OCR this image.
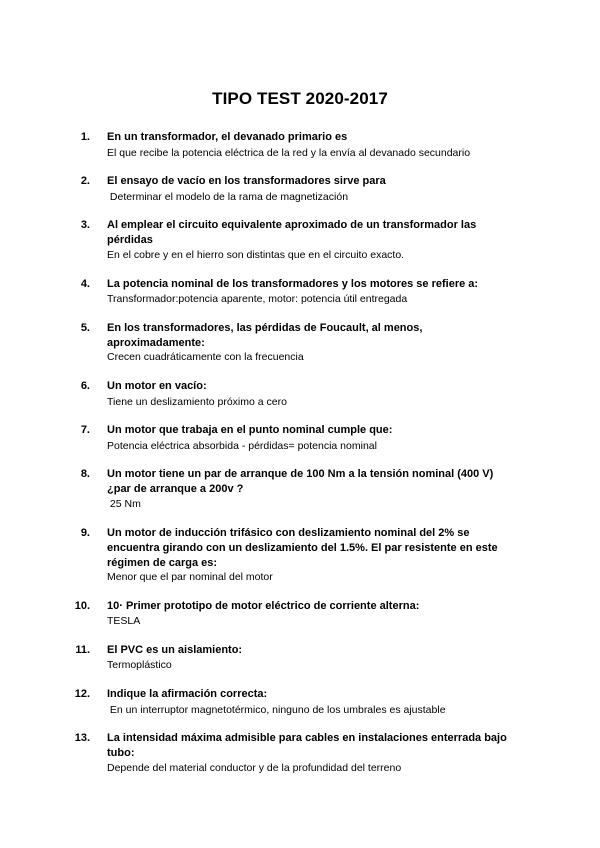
TIPO TEST 2020-2017
1. En un transformador, el devanado primario es
El que recibe la potencia eléctrica de la red y la envía al devanado secundario
2. El ensayo de vacío en los transformadores sirve para
Determinar el modelo de la rama de magnetización
3. Al emplear el circuito equivalente aproximado de un transformador las pérdidas
En el cobre y en el hierro son distintas que en el circuito exacto.
4. La potencia nominal de los transformadores y los motores se refiere a:
Transformador:potencia aparente, motor: potencia útil entregada
5. En los transformadores, las pérdidas de Foucault, al menos, aproximadamente:
Crecen cuadráticamente con la frecuencia
6. Un motor en vacío:
Tiene un deslizamiento próximo a cero
7. Un motor que trabaja en el punto nominal cumple que:
Potencia eléctrica absorbida - pérdidas= potencia nominal
8. Un motor tiene un par de arranque de 100 Nm a la tensión nominal (400 V) ¿par de arranque a 200v ?
25 Nm
9. Un motor de inducción trifásico con deslizamiento nominal del 2% se encuentra girando con un deslizamiento del 1.5%. El par resistente en este régimen de carga es:
Menor que el par nominal del motor
10. 10· Primer prototipo de motor eléctrico de corriente alterna:
TESLA
11. El PVC es un aislamiento:
Termoplástico
12. Indique la afirmación correcta:
En un interruptor magnetotérmico, ninguno de los umbrales es ajustable
13. La intensidad máxima admisible para cables en instalaciones enterrada bajo tubo:
Depende del material conductor y de la profundidad del terreno
